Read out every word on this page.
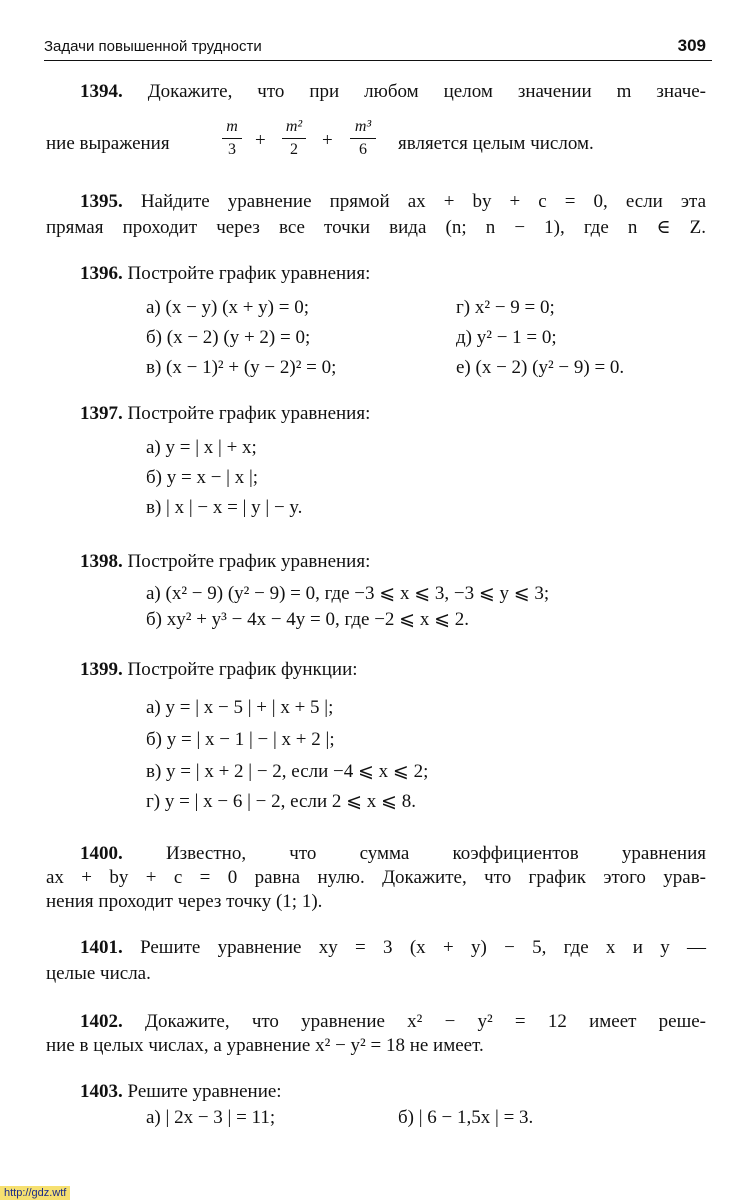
Задачи повышенной трудности	309
1394. Докажите, что при любом целом значении m значе-
ние выражения
m
3	+
m²
2	+
m³
6	является целым числом.
1395. Найдите уравнение прямой ax + by + c = 0, если эта
прямая проходит через все точки вида (n; n − 1), где n ∈ Z.
1396. Постройте график уравнения:
а) (x − y) (x + y) = 0;	г) x² − 9 = 0;
б) (x − 2) (y + 2) = 0;	д) y² − 1 = 0;
в) (x − 1)² + (y − 2)² = 0;	е) (x − 2) (y² − 9) = 0.
1397. Постройте график уравнения:
а) y = | x | + x;
б) y = x − | x |;
в) | x | − x = | y | − y.
1398. Постройте график уравнения:
а) (x² − 9) (y² − 9) = 0, где −3 ⩽ x ⩽ 3, −3 ⩽ y ⩽ 3;
б) xy² + y³ − 4x − 4y = 0, где −2 ⩽ x ⩽ 2.
1399. Постройте график функции:
а) y = | x − 5 | + | x + 5 |;
б) y = | x − 1 | − | x + 2 |;
в) y = | x + 2 | − 2, если −4 ⩽ x ⩽ 2;
г) y = | x − 6 | − 2, если 2 ⩽ x ⩽ 8.
1400. Известно, что сумма коэффициентов уравнения
ax + by + c = 0 равна нулю. Докажите, что график этого урав-
нения проходит через точку (1; 1).
1401. Решите уравнение xy = 3 (x + y) − 5, где x и y —
целые числа.
1402. Докажите, что уравнение x² − y² = 12 имеет реше-
ние в целых числах, а уравнение x² − y² = 18 не имеет.
1403. Решите уравнение:
а) | 2x − 3 | = 11;	б) | 6 − 1,5x | = 3.
http://gdz.wtf
